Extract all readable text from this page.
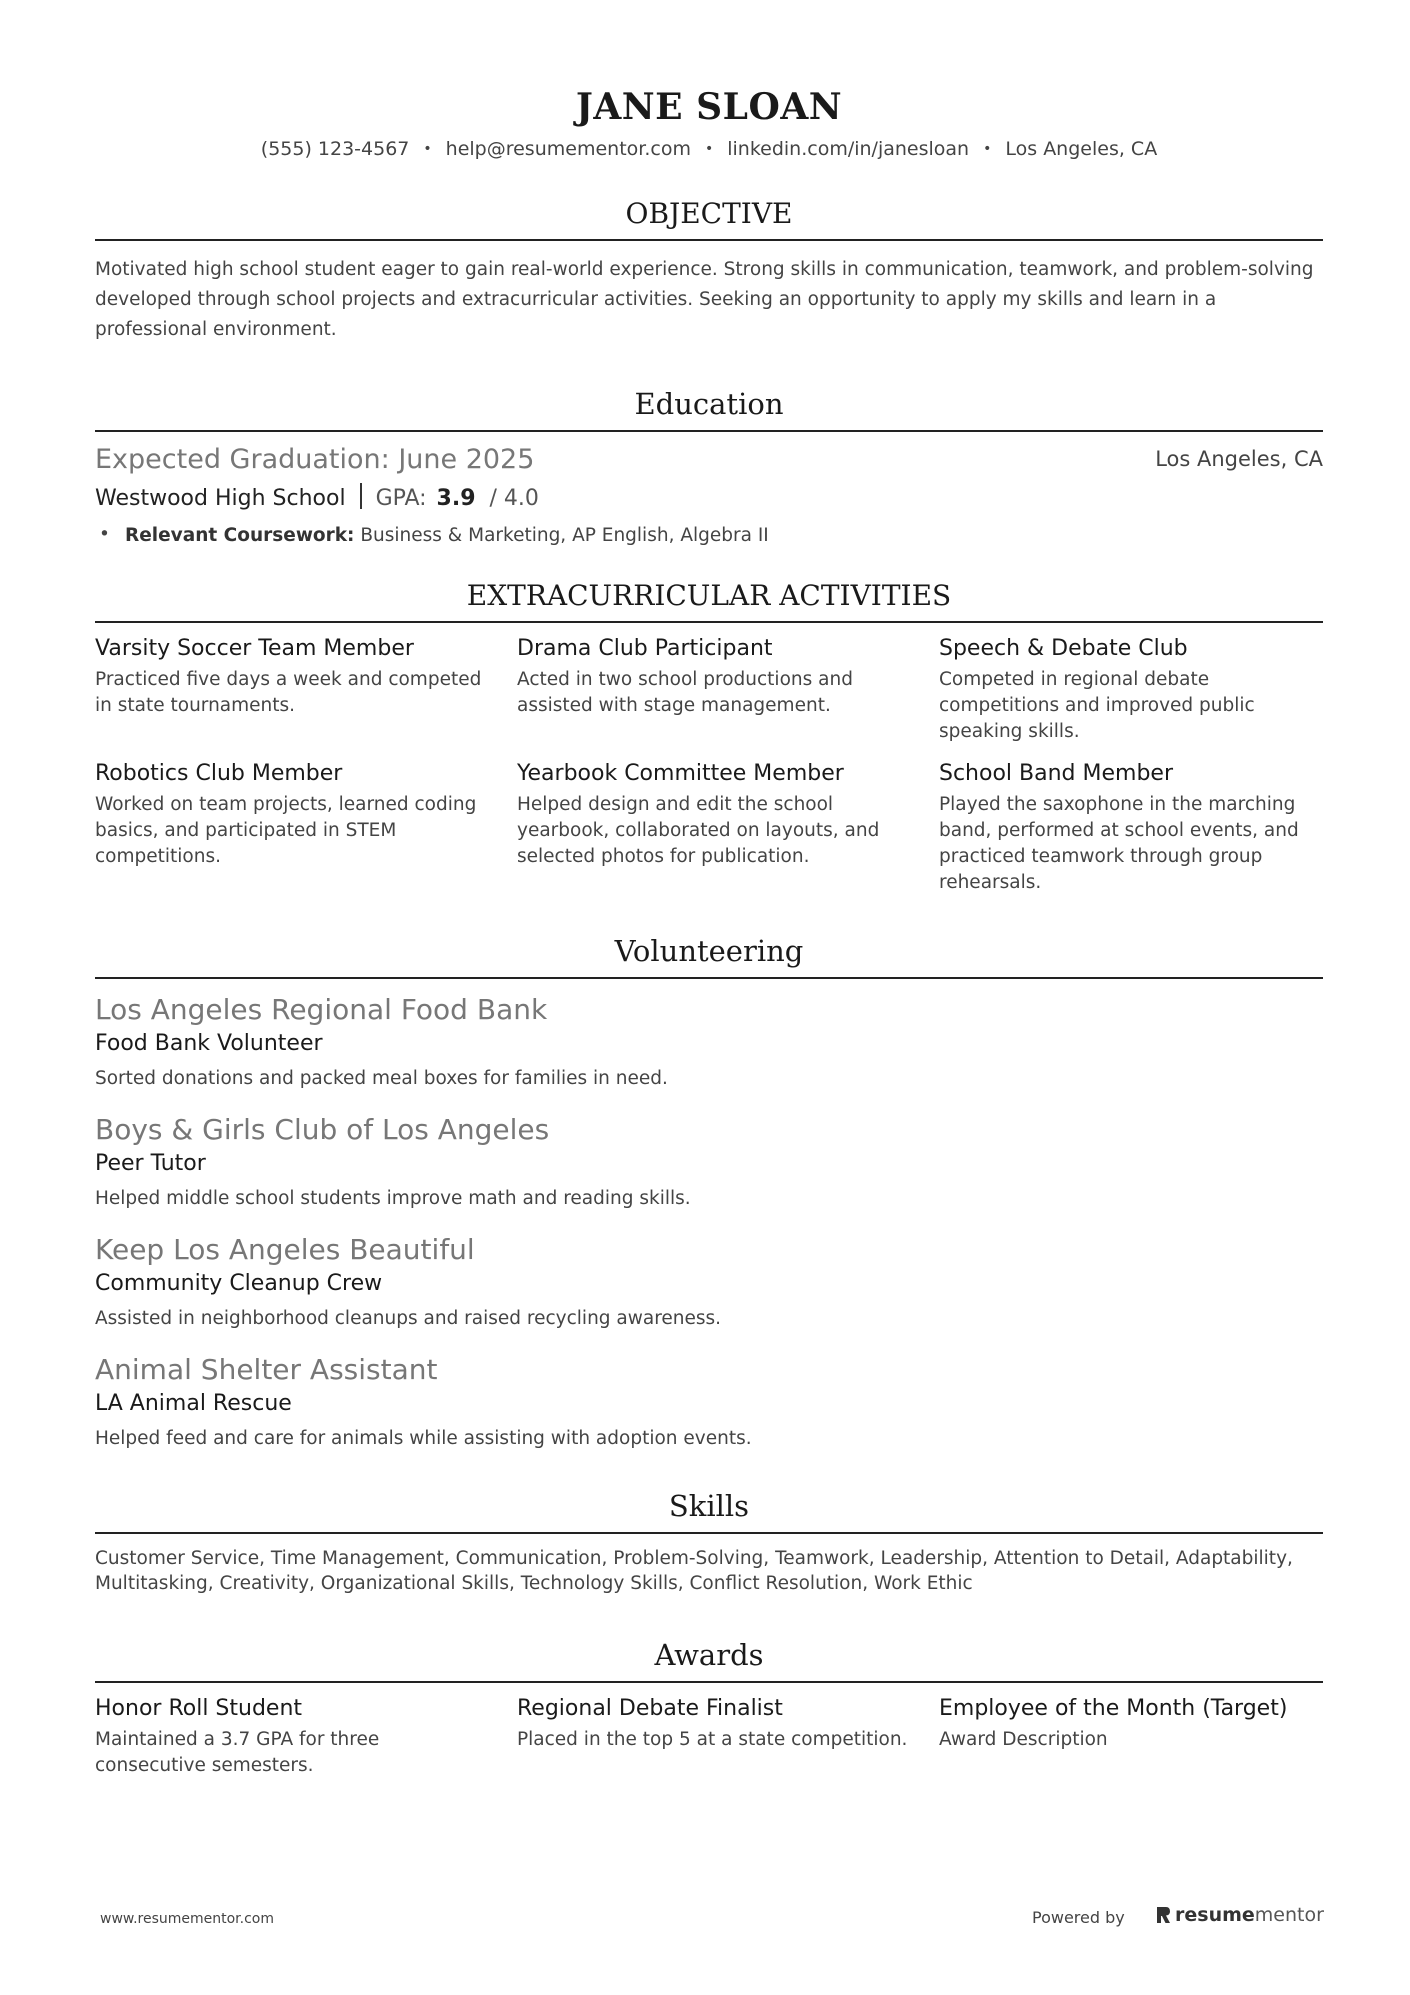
JANE SLOAN
(555) 123-4567 • help@resumementor.com • linkedin.com/in/janesloan • Los Angeles, CA
OBJECTIVE
Motivated high school student eager to gain real-world experience. Strong skills in communication, teamwork, and problem-solving developed through school projects and extracurricular activities. Seeking an opportunity to apply my skills and learn in a professional environment.
Education
Expected Graduation: June 2025	Los Angeles, CA
Westwood High School GPA: 3.9 / 4.0
• Relevant Coursework: Business & Marketing, AP English, Algebra II
EXTRACURRICULAR ACTIVITIES
Varsity Soccer Team Member
Practiced five days a week and competed in state tournaments.
Drama Club Participant
Acted in two school productions and assisted with stage management.
Speech & Debate Club
Competed in regional debate competitions and improved public speaking skills.
Robotics Club Member
Worked on team projects, learned coding basics, and participated in STEM competitions.
Yearbook Committee Member
Helped design and edit the school yearbook, collaborated on layouts, and selected photos for publication.
School Band Member
Played the saxophone in the marching band, performed at school events, and practiced teamwork through group rehearsals.
Volunteering
Los Angeles Regional Food Bank
Food Bank Volunteer
Sorted donations and packed meal boxes for families in need.
Boys & Girls Club of Los Angeles
Peer Tutor
Helped middle school students improve math and reading skills.
Keep Los Angeles Beautiful
Community Cleanup Crew
Assisted in neighborhood cleanups and raised recycling awareness.
Animal Shelter Assistant
LA Animal Rescue
Helped feed and care for animals while assisting with adoption events.
Skills
Customer Service, Time Management, Communication, Problem-Solving, Teamwork, Leadership, Attention to Detail, Adaptability, Multitasking, Creativity, Organizational Skills, Technology Skills, Conflict Resolution, Work Ethic
Awards
Honor Roll Student
Maintained a 3.7 GPA for three consecutive semesters.
Regional Debate Finalist
Placed in the top 5 at a state competition.
Employee of the Month (Target)
Award Description
www.resumementor.com	Powered by	resume mentor
